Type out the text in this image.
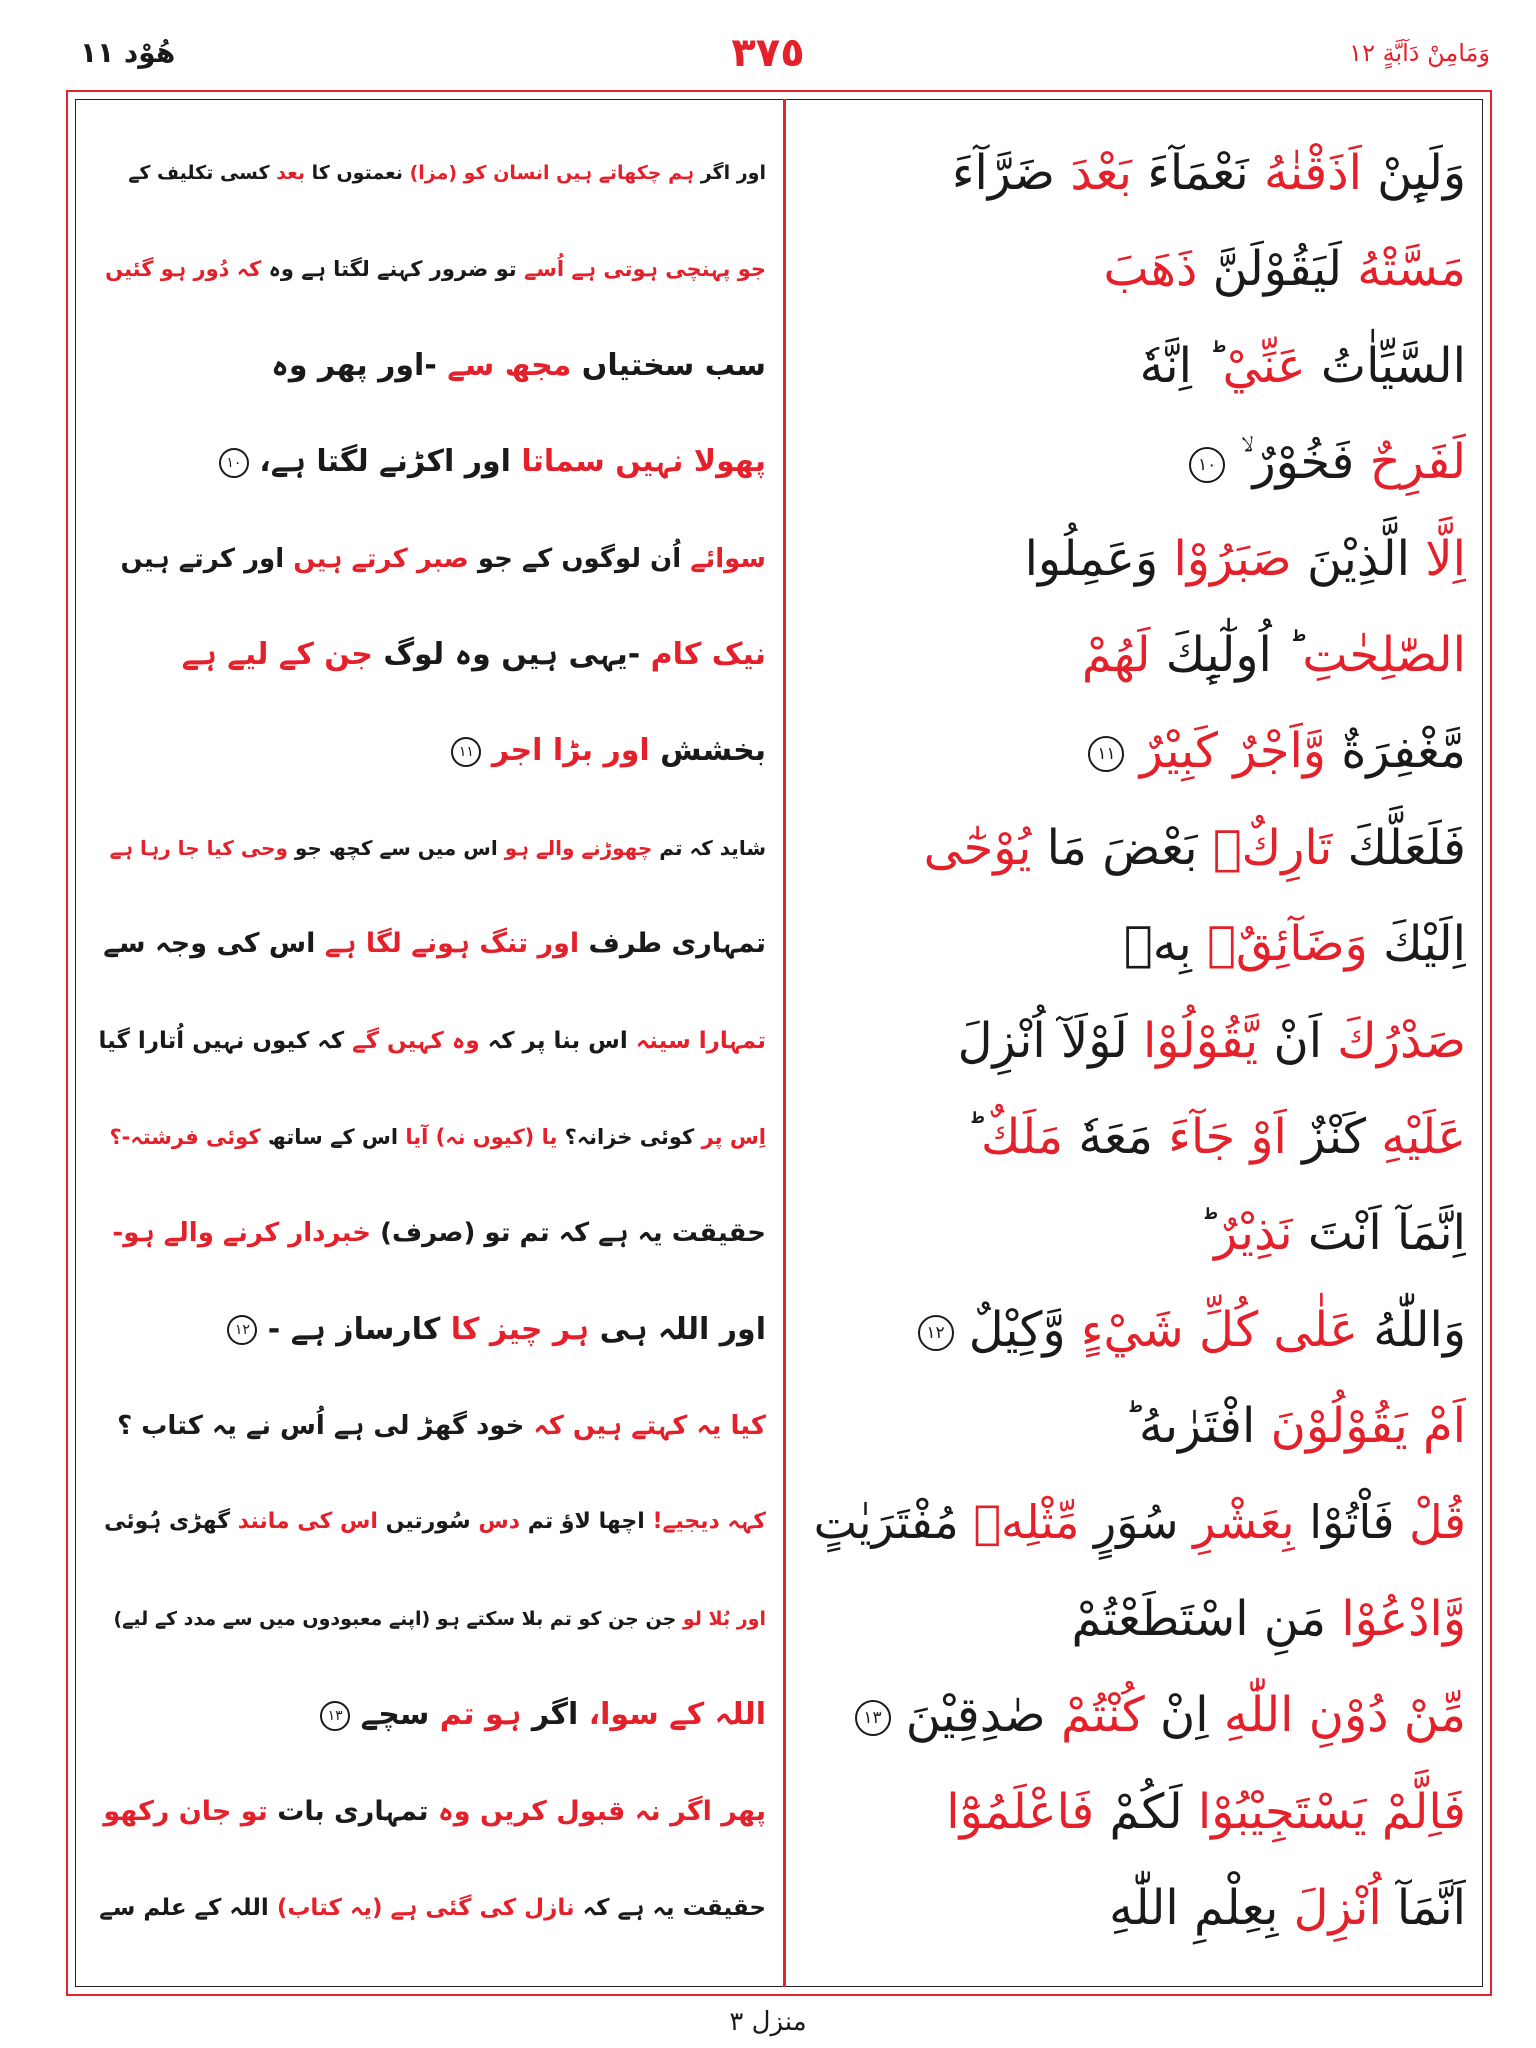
هُوْد ١١	٣٧٥	وَمَامِنْ دَآبَّةٍ ١٢
وَلَىِٕنْ اَذَقْنٰهُ نَعْمَآءَ بَعْدَ ضَرَّآءَ
اور اگر ہم چکھاتے ہیں انسان کو (مزا) نعمتوں کا بعد کسی تکلیف کے
مَسَّتْهُ لَيَقُوْلَنَّ ذَهَبَ
جو پہنچی ہوتی ہے اُسے تو ضرور کہنے لگتا ہے وہ کہ دُور ہو گئیں
السَّيِّاٰتُ عَنِّيْ ؕ اِنَّهٗ
سب سختیاں مجھ سے -اور پھر وہ
لَفَرِحٌ فَخُوْرٌ ۙ ١٠
پھولا نہیں سماتا اور اکڑنے لگتا ہے، ١٠
اِلَّا الَّذِيْنَ صَبَرُوْا وَعَمِلُوا
سوائے اُن لوگوں کے جو صبر کرتے ہیں اور کرتے ہیں
الصّٰلِحٰتِ ؕ اُولٰٓىِٕكَ لَهُمْ
نیک کام -یہی ہیں وہ لوگ جن کے لیے ہے
مَّغْفِرَةٌ وَّاَجْرٌ كَبِيْرٌ ١١
بخشش اور بڑا اجر ١١
فَلَعَلَّكَ تَارِكٌۢ بَعْضَ مَا يُوْحٰٓى
شاید کہ تم چھوڑنے والے ہو اس میں سے کچھ جو وحی کیا جا رہا ہے
اِلَيْكَ وَضَآئِقٌۢ بِهٖ
تمہاری طرف اور تنگ ہونے لگا ہے اس کی وجہ سے
صَدْرُكَ اَنْ يَّقُوْلُوْا لَوْلَآ اُنْزِلَ
تمہارا سینہ اس بنا پر کہ وہ کہیں گے کہ کیوں نہیں اُتارا گیا
عَلَيْهِ كَنْزٌ اَوْ جَآءَ مَعَهٗ مَلَكٌ
اِس پر کوئی خزانہ؟ یا (کیوں نہ) آیا اس کے ساتھ کوئی فرشتہ-؟
اِنَّمَآ اَنْتَ نَذِيْرٌ
حقیقت یہ ہے کہ تم تو (صرف) خبردار کرنے والے ہو-
وَاللّٰهُ عَلٰى كُلِّ شَيْءٍ وَّكِيْلٌ ١٢
اور اللہ ہی ہر چیز کا کارساز ہے - ١٢
اَمْ يَقُوْلُوْنَ افْتَرٰىهُ ؕ
کیا یہ کہتے ہیں کہ خود گھڑ لی ہے اُس نے یہ کتاب ؟
قُلْ فَاْتُوْا بِعَشْرِ سُوَرٍ مِّثْلِهٖ مُفْتَرَيٰتٍ
کہہ دیجیے! اچھا لاؤ تم دس سُورتیں اس کی مانند گھڑی ہُوئی
وَّادْعُوْا مَنِ اسْتَطَعْتُمْ
اور بُلا لو جن جن کو تم بلا سکتے ہو (اپنے معبودوں میں سے مدد کے لیے)
مِّنْ دُوْنِ اللّٰهِ اِنْ كُنْتُمْ صٰدِقِيْنَ ١٣
اللہ کے سوا، اگر ہو تم سچے ١٣
فَاِلَّمْ يَسْتَجِيْبُوْا لَكُمْ فَاعْلَمُوْٓا
پھر اگر نہ قبول کریں وہ تمہاری بات تو جان رکھو
اَنَّمَآ اُنْزِلَ بِعِلْمِ اللّٰهِ
حقیقت یہ ہے کہ نازل کی گئی ہے (یہ کتاب) اللہ کے علم سے
منزل ٣
